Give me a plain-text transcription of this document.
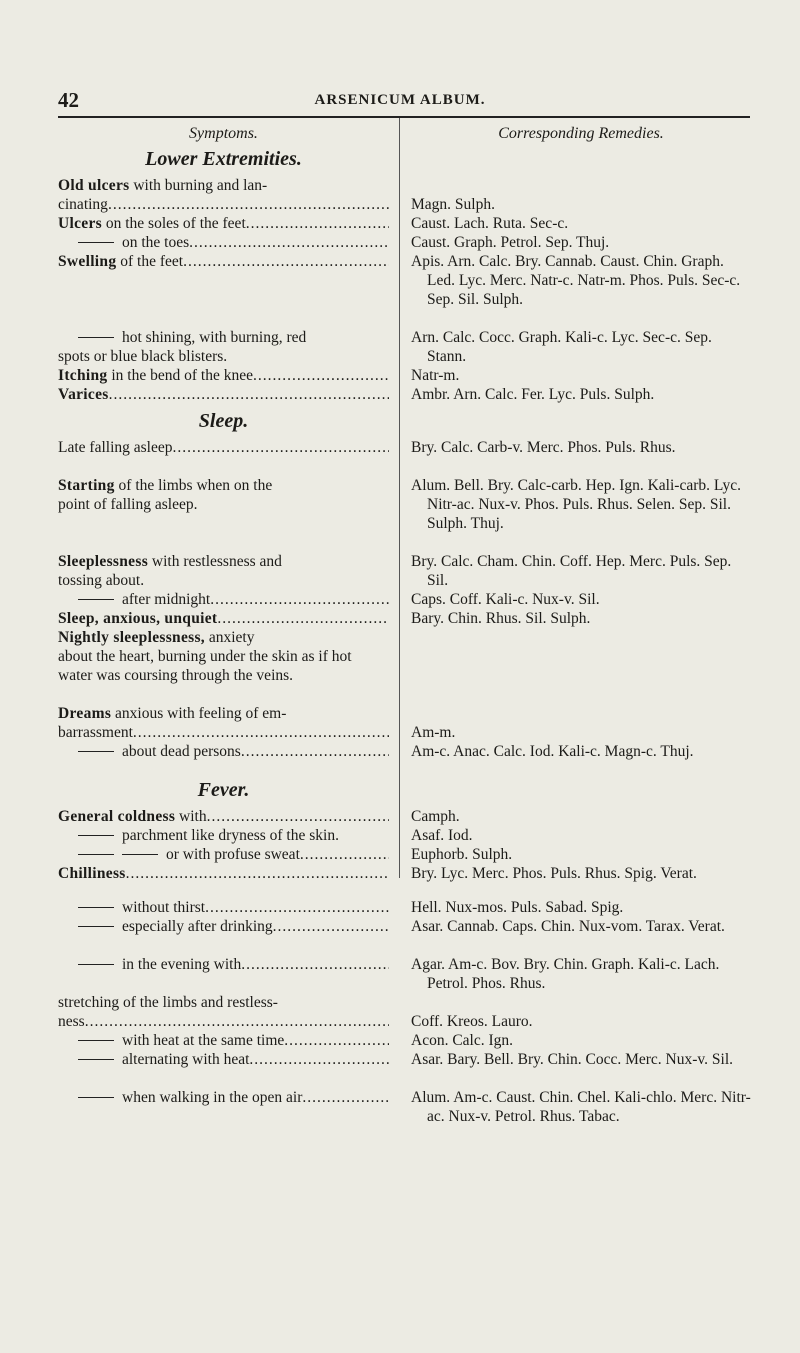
42	ARSENICUM ALBUM.
Symptoms.
Lower Extremities.
Old ulcers with burning and lan-
cinating
.....
Ulcers on the soles of the feet
.....
on the toes
.....
Swelling of the feet
.....
hot shining, with burning, red
spots or blue black blisters.
Itching in the bend of the knee
.....
Varices
.....
Sleep.
Late falling asleep
.....
Starting of the limbs when on the
point of falling asleep.
Sleeplessness with restlessness and
tossing about.
after midnight
.....
Sleep, anxious, unquiet
.....
Nightly sleeplessness, anxiety
about the heart, burning under the skin as if hot water was coursing through the veins.
Dreams anxious with feeling of em-
barrassment
.....
about dead persons
.....
Fever.
General coldness with
.....
parchment like dryness of the skin.
or with profuse sweat
.....
Chilliness
.....
without thirst
.....
especially after drinking
.....
in the evening with
.....
stretching of the limbs and restless-
ness
.....
with heat at the same time
.....
alternating with heat
.....
when walking in the open air
.....
Corresponding Remedies.
Magn. Sulph.
Caust. Lach. Ruta. Sec-c.
Caust. Graph. Petrol. Sep. Thuj.
Apis. Arn. Calc. Bry. Cannab. Caust. Chin. Graph. Led. Lyc. Merc. Natr-c. Natr-m. Phos. Puls. Sec-c. Sep. Sil. Sulph.
Arn. Calc. Cocc. Graph. Kali-c. Lyc. Sec-c. Sep. Stann.
Natr-m.
Ambr. Arn. Calc. Fer. Lyc. Puls. Sulph.
Bry. Calc. Carb-v. Merc. Phos. Puls. Rhus.
Alum. Bell. Bry. Calc-carb. Hep. Ign. Kali-carb. Lyc. Nitr-ac. Nux-v. Phos. Puls. Rhus. Selen. Sep. Sil. Sulph. Thuj.
Bry. Calc. Cham. Chin. Coff. Hep. Merc. Puls. Sep. Sil.
Caps. Coff. Kali-c. Nux-v. Sil.
Bary. Chin. Rhus. Sil. Sulph.
Am-m.
Am-c. Anac. Calc. Iod. Kali-c. Magn-c. Thuj.
Camph.
Asaf. Iod.
Euphorb. Sulph.
Bry. Lyc. Merc. Phos. Puls. Rhus. Spig. Verat.
Hell. Nux-mos. Puls. Sabad. Spig.
Asar. Cannab. Caps. Chin. Nux-vom. Tarax. Verat.
Agar. Am-c. Bov. Bry. Chin. Graph. Kali-c. Lach. Petrol. Phos. Rhus.
Coff. Kreos. Lauro.
Acon. Calc. Ign.
Asar. Bary. Bell. Bry. Chin. Cocc. Merc. Nux-v. Sil.
Alum. Am-c. Caust. Chin. Chel. Kali-chlo. Merc. Nitr-ac. Nux-v. Petrol. Rhus. Tabac.
